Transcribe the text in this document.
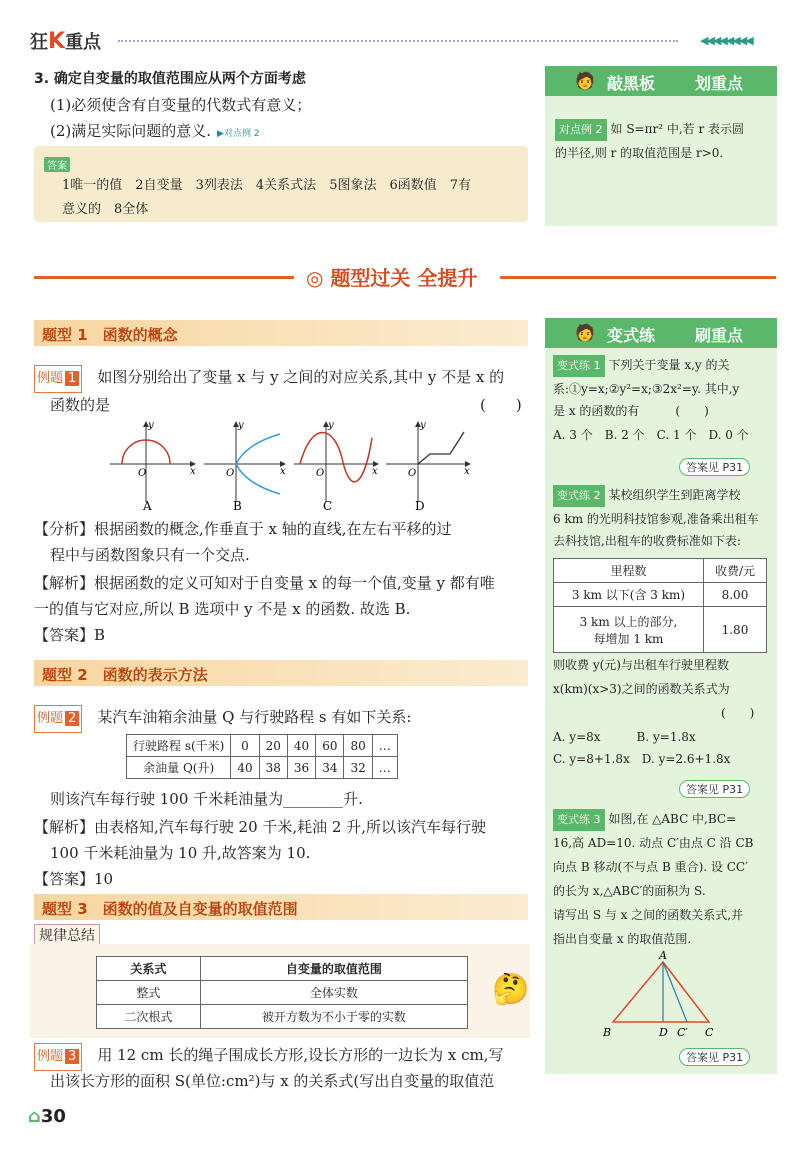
狂K重点	◀◀◀◀◀◀◀◀
3. 确定自变量的取值范围应从两个方面考虑
(1)必须使含有自变量的代数式有意义；
(2)满足实际问题的意义. ▶对点例 2
答案
1唯一的值　 2自变量　 3列表法　 4关系式法　 5图象法　 6函数值　 7有
意义的　 8全体
🧑 敲黑板 划重点
对点例 2 如 S=πr² 中,若 r 表示圆
的半径,则 r 的取值范围是 r>0.
◎ 题型过关 全提升
🧑 变式练 刷重点
变式练 1 下列关于变量 x,y 的关
系:①y=x;②y²=x;③2x²=y. 其中,y
是 x 的函数的有　　　(　　)
A. 3 个　B. 2 个　C. 1 个　D. 0 个
答案见 P31
变式练 2 某校组织学生到距离学校
6 km 的光明科技馆参观,准备乘出租车
去科技馆,出租车的收费标准如下表:
里程数	收费/元
3 km 以下(含 3 km)	8.00

3 km 以上的部分,
每增加 1 km	1.80
则收费 y(元)与出租车行驶里程数
x(km)(x>3)之间的函数关系式为
(　　)
A. y=8x　　　B. y=1.8x
C. y=8+1.8x　D. y=2.6+1.8x
答案见 P31
变式练 3 如图,在 △ABC 中,BC=
16,高 AD=10. 动点 C′由点 C 沿 CB
向点 B 移动(不与点 B 重合). 设 CC′
的长为 x,△ABC′的面积为 S.
请写出 S 与 x 之间的函数关系式,并
指出自变量 x 的取值范围.
A
B	D C′ C
答案见 P31
题型 1　函数的概念
例题 1　 如图分别给出了变量 x 与 y 之间的对应关系,其中 y 不是 x 的
函数的是	(　　)
O
y
x
A
O
y
x
B
O
y
x
C
O
y
x
D
【分析】根据函数的概念,作垂直于 x 轴的直线,在左右平移的过
程中与函数图象只有一个交点.
【解析】根据函数的定义可知对于自变量 x 的每一个值,变量 y 都有唯
一的值与它对应,所以 B 选项中 y 不是 x 的函数. 故选 B.
【答案】B
题型 2　函数的表示方法
例题 2　 某汽车油箱余油量 Q 与行驶路程 s 有如下关系:
行驶路程 s(千米)	0	20	40	60	80	…
余油量 Q(升)	40	38	36	34	32	…
则该汽车每行驶 100 千米耗油量为________升.
【解析】由表格知,汽车每行驶 20 千米,耗油 2 升,所以该汽车每行驶
100 千米耗油量为 10 升,故答案为 10.
【答案】10
题型 3　函数的值及自变量的取值范围
规律总结
关系式	自变量的取值范围
整式	全体实数
二次根式	被开方数为不小于零的实数
🤔
例题 3　 用 12 cm 长的绳子围成长方形,设长方形的一边长为 x cm,写
出该长方形的面积 S(单位:cm²)与 x 的关系式(写出自变量的取值范
⌂30
